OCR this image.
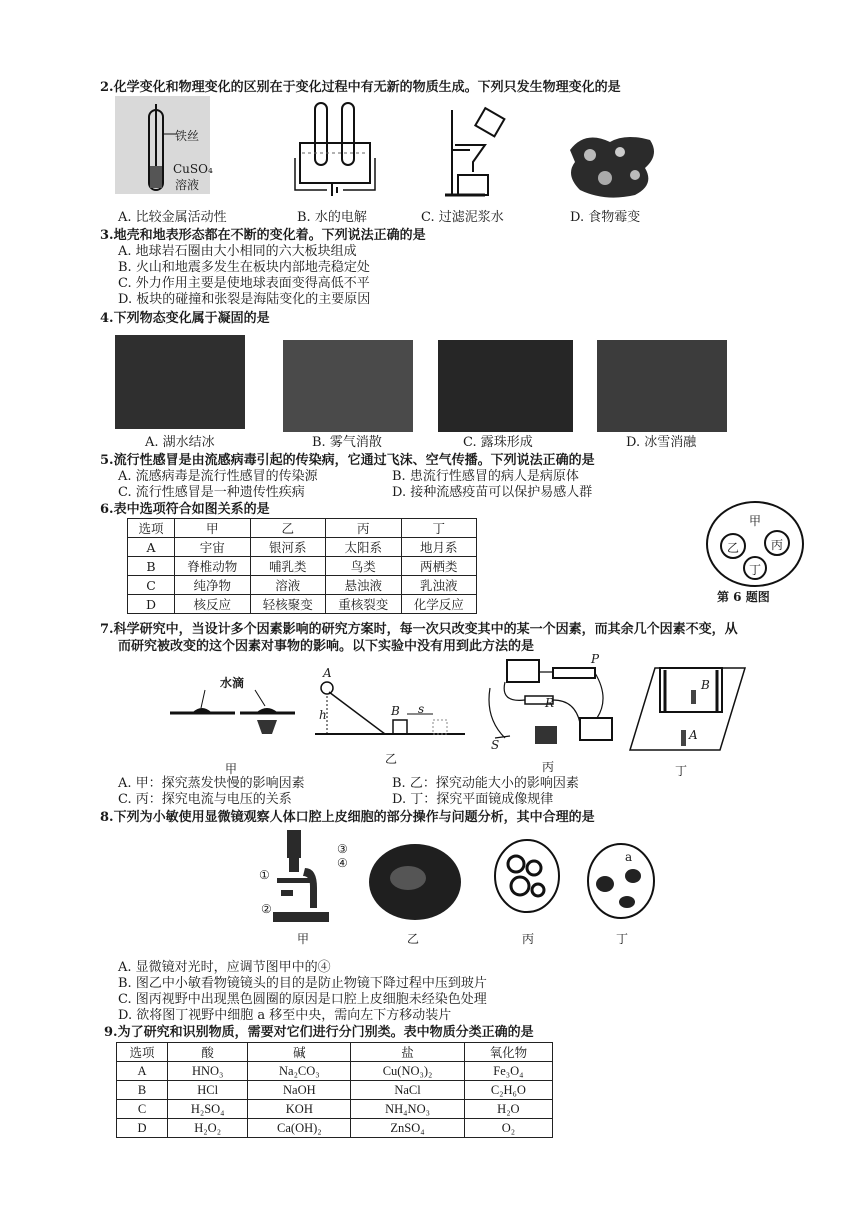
2.化学变化和物理变化的区别在于变化过程中有无新的物质生成。下列只发生物理变化的是
铁丝
CuSO₄
溶液
A. 比较金属活动性	B. 水的电解	C. 过滤泥浆水	D. 食物霉变
3.地壳和地表形态都在不断的变化着。下列说法正确的是
A. 地球岩石圈由大小相同的六大板块组成
B. 火山和地震多发生在板块内部地壳稳定处
C. 外力作用主要是使地球表面变得高低不平
D. 板块的碰撞和张裂是海陆变化的主要原因
4.下列物态变化属于凝固的是
A. 湖水结冰	B. 雾气消散	C. 露珠形成	D. 冰雪消融
5.流行性感冒是由流感病毒引起的传染病，它通过飞沫、空气传播。下列说法正确的是
A. 流感病毒是流行性感冒的传染源	B. 患流行性感冒的病人是病原体
C. 流行性感冒是一种遗传性疾病	D. 接种流感疫苗可以保护易感人群
6.表中选项符合如图关系的是
选项	甲	乙	丙	丁
A	宇宙	银河系	太阳系	地月系
B	脊椎动物	哺乳类	鸟类	两栖类
C	纯净物	溶液	悬浊液	乳浊液
D	核反应	轻核聚变	重核裂变	化学反应
甲
乙	丙
丁
第 6 题图
7.科学研究中，当设计多个因素影响的研究方案时，每一次只改变其中的某一个因素，而其余几个因素不变，从
而研究被改变的这个因素对事物的影响。以下实验中没有用到此方法的是
水滴
A
h	B s	R
S
P
B
A
甲
乙
丙	丁
A. 甲：探究蒸发快慢的影响因素	B. 乙：探究动能大小的影响因素
C. 丙：探究电流与电压的关系	D. 丁：探究平面镜成像规律
8.下列为小敏使用显微镜观察人体口腔上皮细胞的部分操作与问题分析，其中合理的是
①
②
③
④	a
甲	乙	丙	丁
A. 显微镜对光时，应调节图甲中的④
B. 图乙中小敏看物镜镜头的目的是防止物镜下降过程中压到玻片
C. 图丙视野中出现黑色圆圈的原因是口腔上皮细胞未经染色处理
D. 欲将图丁视野中细胞 a 移至中央，需向左下方移动装片
9.为了研究和识别物质，需要对它们进行分门别类。表中物质分类正确的是
选项	酸	碱	盐	氧化物
A	HNO₃	Na₂CO₃	Cu(NO₃)₂	Fe₃O₄
B	HCl	NaOH	NaCl	C₂H₆O
C	H₂SO₄	KOH	NH₄NO₃	H₂O
D	H₂O₂	Ca(OH)₂	ZnSO₄	O₂
